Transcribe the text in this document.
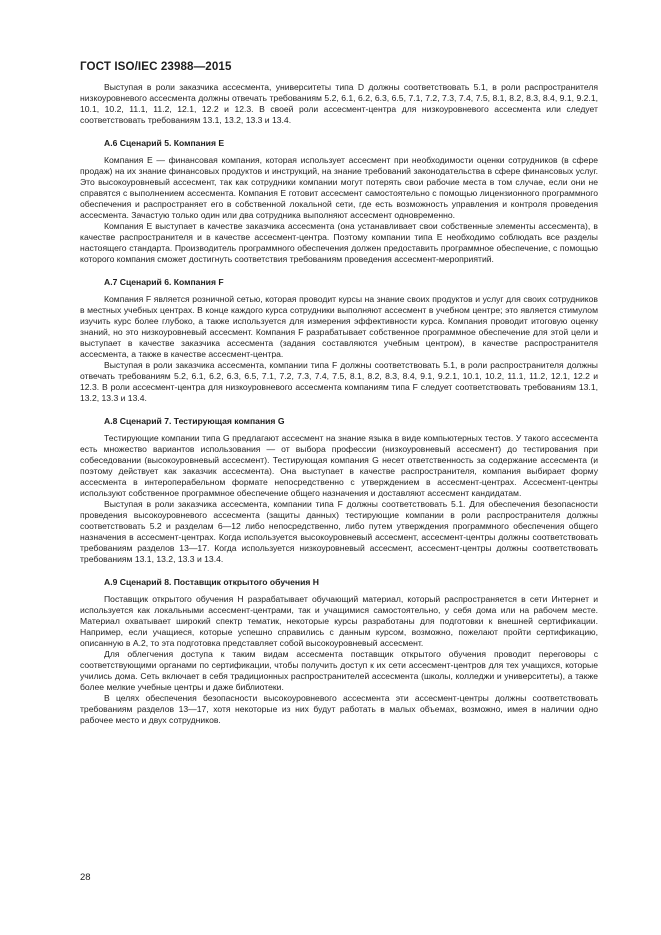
ГОСТ ISO/IEC 23988—2015

Выступая в роли заказчика ассесмента, университеты типа D должны соответствовать 5.1, в роли распространителя низкоуровневого ассесмента должны отвечать требованиям 5.2, 6.1, 6.2, 6.3, 6.5, 7.1, 7.2, 7.3, 7.4, 7.5, 8.1, 8.2, 8.3, 8.4, 9.1, 9.2.1, 10.1, 10.2, 11.1, 11.2, 12.1, 12.2 и 12.3. В своей роли ассесмент-центра для низкоуровневого ассесмента или следует соответствовать требованиям 13.1, 13.2, 13.3 и 13.4.

А.6 Сценарий 5. Компания Е

Компания Е — финансовая компания, которая использует ассесмент при необходимости оценки сотрудников (в сфере продаж) на их знание финансовых продуктов и инструкций, на знание требований законодательства в сфере финансовых услуг. Это высокоуровневый ассесмент, так как сотрудники компании могут потерять свои рабочие места в том случае, если они не справятся с выполнением ассесмента. Компания Е готовит ассесмент самостоятельно с помощью лицензионного программного обеспечения и распространяет его в собственной локальной сети, где есть возможность управления и контроля проведения ассесмента. Зачастую только один или два сотрудника выполняют ассесмент одновременно.

Компания Е выступает в качестве заказчика ассесмента (она устанавливает свои собственные элементы ассесмента), в качестве распространителя и в качестве ассесмент-центра. Поэтому компании типа Е необходимо соблюдать все разделы настоящего стандарта. Производитель программного обеспечения должен предоставить программное обеспечение, с помощью которого компания сможет достигнуть соответствия требованиям проведения ассесмент-мероприятий.

А.7 Сценарий 6. Компания F

Компания F является розничной сетью, которая проводит курсы на знание своих продуктов и услуг для своих сотрудников в местных учебных центрах. В конце каждого курса сотрудники выполняют ассесмент в учебном центре; это является стимулом изучить курс более глубоко, а также используется для измерения эффективности курса. Компания проводит итоговую оценку знаний, но это низкоуровневый ассесмент. Компания F разрабатывает собственное программное обеспечение для этой цели и выступает в качестве заказчика ассесмента (задания составляются учебным центром), в качестве распространителя ассесмента, а также в качестве ассесмент-центра.

Выступая в роли заказчика ассесмента, компании типа F должны соответствовать 5.1, в роли распространителя должны отвечать требованиям 5.2, 6.1, 6.2, 6.3, 6.5, 7.1, 7.2, 7.3, 7.4, 7.5, 8.1, 8.2, 8.3, 8.4, 9.1, 9.2.1, 10.1, 10.2, 11.1, 11.2, 12.1, 12.2 и 12.3. В роли ассесмент-центра для низкоуровневого ассесмента компаниям типа F следует соответствовать требованиям 13.1, 13.2, 13.3 и 13.4.

А.8 Сценарий 7. Тестирующая компания G

Тестирующие компании типа G предлагают ассесмент на знание языка в виде компьютерных тестов. У такого ассесмента есть множество вариантов использования — от выбора профессии (низкоуровневый ассесмент) до тестирования при собеседовании (высокоуровневый ассесмент). Тестирующая компания G несет ответственность за содержание ассесмента (и поэтому действует как заказчик ассесмента). Она выступает в качестве распространителя, компания выбирает форму ассесмента в интероперабельном формате непосредственно с утверждением в ассесмент-центрах. Ассесмент-центры используют собственное программное обеспечение общего назначения и доставляют ассесмент кандидатам.

Выступая в роли заказчика ассесмента, компании типа F должны соответствовать 5.1. Для обеспечения безопасности проведения высокоуровневого ассесмента (защиты данных) тестирующие компании в роли распространителя должны соответствовать 5.2 и разделам 6—12 либо непосредственно, либо путем утверждения программного обеспечения общего назначения в ассесмент-центрах. Когда используется высокоуровневый ассесмент, ассесмент-центры должны соответствовать требованиям разделов 13—17. Когда используется низкоуровневый ассесмент, ассесмент-центры должны соответствовать требованиям 13.1, 13.2, 13.3 и 13.4.

А.9 Сценарий 8. Поставщик открытого обучения Н

Поставщик открытого обучения Н разрабатывает обучающий материал, который распространяется в сети Интернет и используется как локальными ассесмент-центрами, так и учащимися самостоятельно, у себя дома или на рабочем месте. Материал охватывает широкий спектр тематик, некоторые курсы разработаны для подготовки к внешней сертификации. Например, если учащиеся, которые успешно справились с данным курсом, возможно, пожелают пройти сертификацию, описанную в А.2, то эта подготовка представляет собой высокоуровневый ассесмент.

Для облегчения доступа к таким видам ассесмента поставщик открытого обучения проводит переговоры с соответствующими органами по сертификации, чтобы получить доступ к их сети ассесмент-центров для тех учащихся, которые учились дома. Сеть включает в себя традиционных распространителей ассесмента (школы, колледжи и университеты), а также более мелкие учебные центры и даже библиотеки.

В целях обеспечения безопасности высокоуровневого ассесмента эти ассесмент-центры должны соответствовать требованиям разделов 13—17, хотя некоторые из них будут работать в малых объемах, возможно, имея в наличии одно рабочее место и двух сотрудников.

28
